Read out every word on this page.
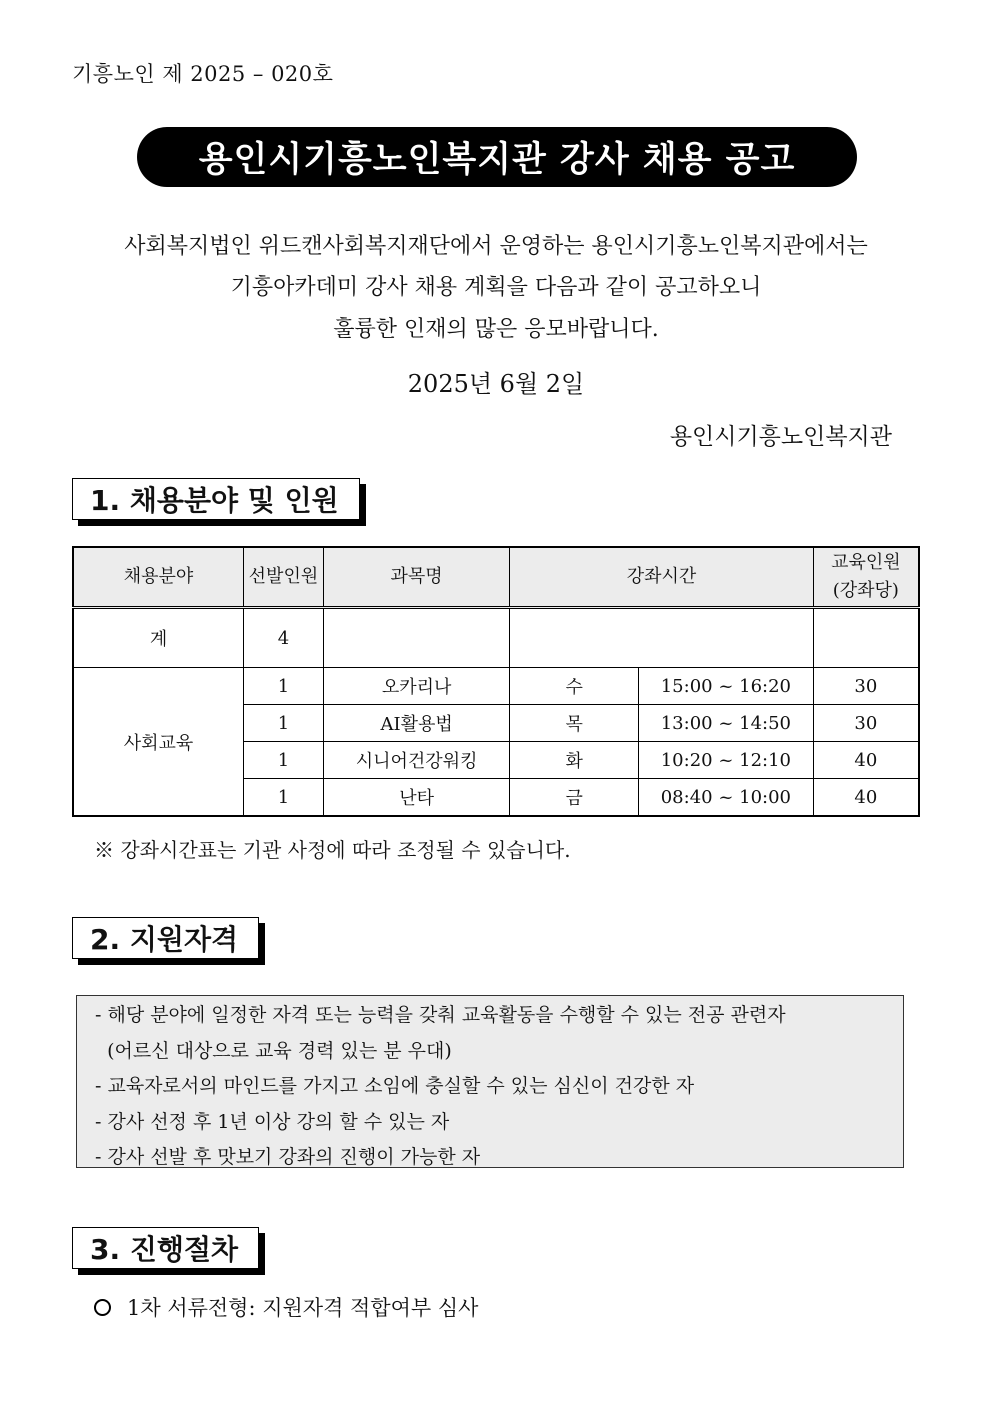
기흥노인 제 2025 – 020호
용인시기흥노인복지관 강사 채용 공고
사회복지법인 위드캔사회복지재단에서 운영하는 용인시기흥노인복지관에서는
기흥아카데미 강사 채용 계획을 다음과 같이 공고하오니
훌륭한 인재의 많은 응모바랍니다.
2025년 6월 2일
용인시기흥노인복지관
1. 채용분야 및 인원
채용분야	선발인원	과목명	강좌시간		교육인원
(강좌당)
계	4				
사회교육	1	오카리나	수	15:00 ~ 16:20	30
	1	AI활용법	목	13:00 ~ 14:50	30
	1	시니어건강워킹	화	10:20 ~ 12:10	40
	1	난타	금	08:40 ~ 10:00	40
※ 강좌시간표는 기관 사정에 따라 조정될 수 있습니다.
2. 지원자격
- 해당 분야에 일정한 자격 또는 능력을 갖춰 교육활동을 수행할 수 있는 전공 관련자
(어르신 대상으로 교육 경력 있는 분 우대)
- 교육자로서의 마인드를 가지고 소임에 충실할 수 있는 심신이 건강한 자
- 강사 선정 후 1년 이상 강의 할 수 있는 자
- 강사 선발 후 맛보기 강좌의 진행이 가능한 자
3. 진행절차
1차 서류전형: 지원자격 적합여부 심사
